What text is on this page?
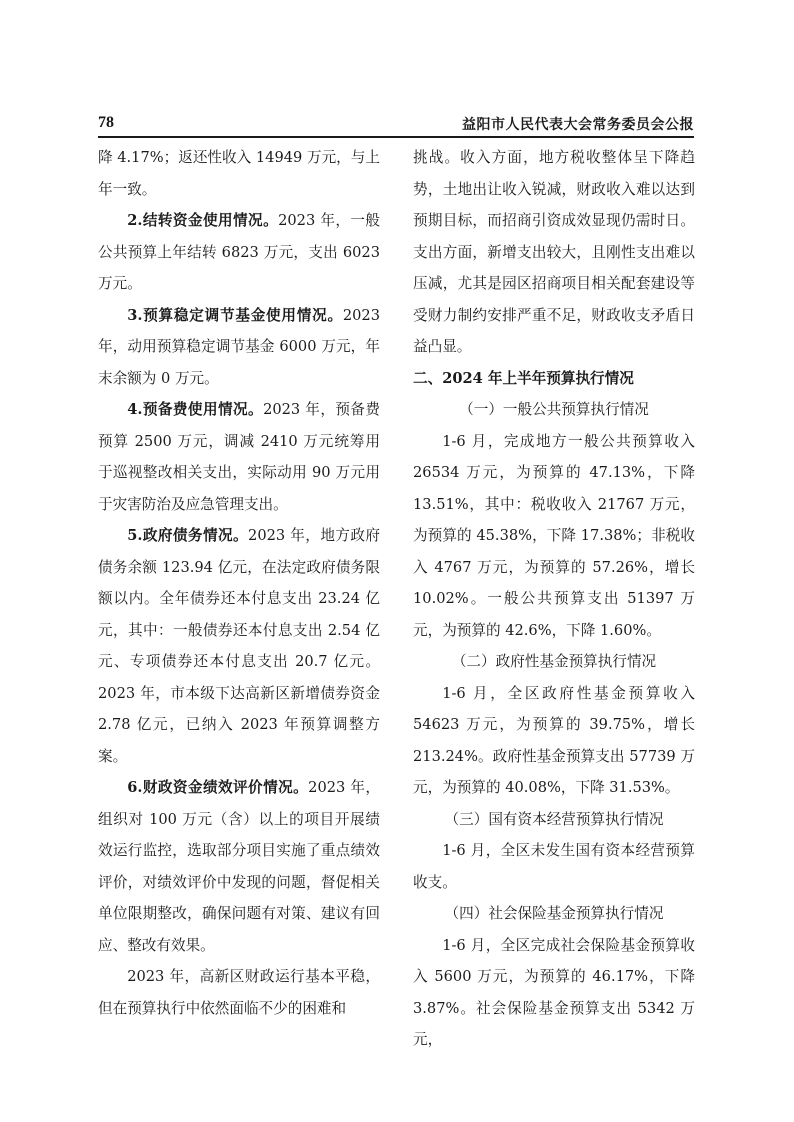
78	益阳市人民代表大会常务委员会公报

降 4.17%；返还性收入 14949 万元，与上年一致。

2.结转资金使用情况。2023 年，一般公共预算上年结转 6823 万元，支出 6023 万元。

3.预算稳定调节基金使用情况。2023 年，动用预算稳定调节基金 6000 万元，年末余额为 0 万元。

4.预备费使用情况。2023 年，预备费预算 2500 万元，调减 2410 万元统筹用于巡视整改相关支出，实际动用 90 万元用于灾害防治及应急管理支出。

5.政府债务情况。2023 年，地方政府债务余额 123.94 亿元，在法定政府债务限额以内。全年债券还本付息支出 23.24 亿元，其中：一般债券还本付息支出 2.54 亿元、专项债券还本付息支出 20.7 亿元。2023 年，市本级下达高新区新增债券资金 2.78 亿元，已纳入 2023 年预算调整方案。

6.财政资金绩效评价情况。2023 年，组织对 100 万元（含）以上的项目开展绩效运行监控，选取部分项目实施了重点绩效评价，对绩效评价中发现的问题，督促相关单位限期整改，确保问题有对策、建议有回应、整改有效果。

2023 年，高新区财政运行基本平稳，但在预算执行中依然面临不少的困难和

挑战。收入方面，地方税收整体呈下降趋势，土地出让收入锐减，财政收入难以达到预期目标，而招商引资成效显现仍需时日。支出方面，新增支出较大，且刚性支出难以压减，尤其是园区招商项目相关配套建设等受财力制约安排严重不足，财政收支矛盾日益凸显。

二、2024 年上半年预算执行情况

（一）一般公共预算执行情况

1-6 月，完成地方一般公共预算收入 26534 万元，为预算的 47.13%，下降 13.51%，其中：税收收入 21767 万元，为预算的 45.38%，下降 17.38%；非税收入 4767 万元，为预算的 57.26%，增长 10.02%。一般公共预算支出 51397 万元，为预算的 42.6%，下降 1.60%。

（二）政府性基金预算执行情况

1-6 月，全区政府性基金预算收入 54623 万元，为预算的 39.75%，增长 213.24%。政府性基金预算支出 57739 万元，为预算的 40.08%，下降 31.53%。

（三）国有资本经营预算执行情况

1-6 月，全区未发生国有资本经营预算收支。

（四）社会保险基金预算执行情况

1-6 月，全区完成社会保险基金预算收入 5600 万元，为预算的 46.17%，下降 3.87%。社会保险基金预算支出 5342 万元，
